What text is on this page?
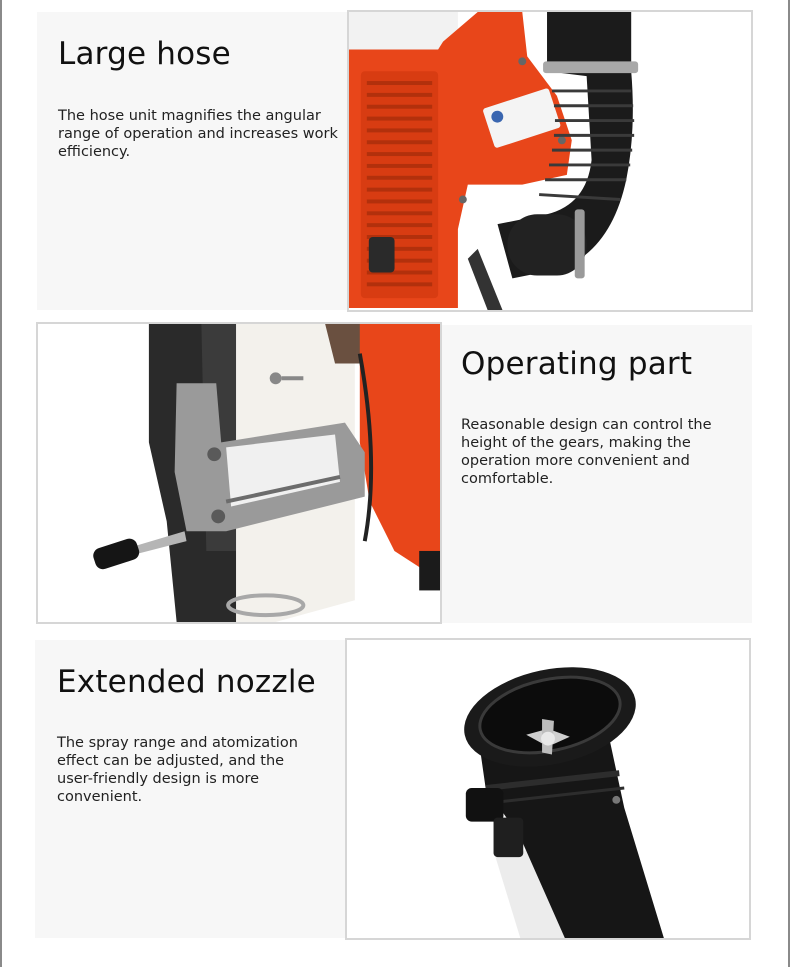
Large hose

The hose unit magnifies the angular range of operation and increases work efficiency.

Operating part

Reasonable design can control the height of the gears, making the operation more convenient and comfortable.

Extended nozzle

The spray range and atomization effect can be adjusted, and the user-friendly design is more convenient.
